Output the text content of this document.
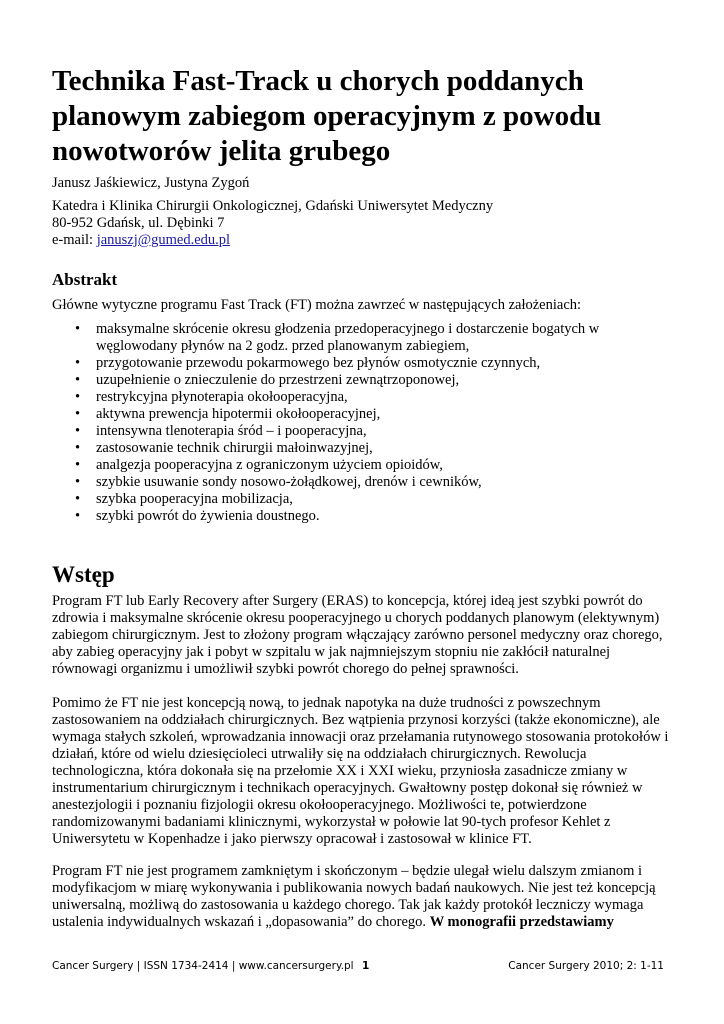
Technika Fast-Track u chorych poddanych planowym zabiegom operacyjnym z powodu nowotworów jelita grubego
Janusz Jaśkiewicz, Justyna Zygoń
Katedra i Klinika Chirurgii Onkologicznej, Gdański Uniwersytet Medyczny
80-952 Gdańsk, ul. Dębinki 7
e-mail: januszj@gumed.edu.pl
Abstrakt
Główne wytyczne programu Fast Track (FT) można zawrzeć w następujących założeniach:
• maksymalne skrócenie okresu głodzenia przedoperacyjnego i dostarczenie bogatych w węglowodany płynów na 2 godz. przed planowanym zabiegiem,
• przygotowanie przewodu pokarmowego bez płynów osmotycznie czynnych,
• uzupełnienie o znieczulenie do przestrzeni zewnątrzoponowej,
• restrykcyjna płynoterapia okołooperacyjna,
• aktywna prewencja hipotermii okołooperacyjnej,
• intensywna tlenoterapia śród – i pooperacyjna,
• zastosowanie technik chirurgii małoinwazyjnej,
• analgezja pooperacyjna z ograniczonym użyciem opioidów,
• szybkie usuwanie sondy nosowo-żołądkowej, drenów i cewników,
• szybka pooperacyjna mobilizacja,
• szybki powrót do żywienia doustnego.
Wstęp

Program FT lub Early Recovery after Surgery (ERAS) to koncepcja, której ideą jest szybki powrót do zdrowia i maksymalne skrócenie okresu pooperacyjnego u chorych poddanych planowym (elektywnym) zabiegom chirurgicznym. Jest to złożony program włączający zarówno personel medyczny oraz chorego, aby zabieg operacyjny jak i pobyt w szpitalu w jak najmniejszym stopniu nie zakłócił naturalnej równowagi organizmu i umożliwił szybki powrót chorego do pełnej sprawności.

Pomimo że FT nie jest koncepcją nową, to jednak napotyka na duże trudności z powszechnym zastosowaniem na oddziałach chirurgicznych. Bez wątpienia przynosi korzyści (także ekonomiczne), ale wymaga stałych szkoleń, wprowadzania innowacji oraz przełamania rutynowego stosowania protokołów i działań, które od wielu dziesięcioleci utrwaliły się na oddziałach chirurgicznych. Rewolucja technologiczna, która dokonała się na przełomie XX i XXI wieku, przyniosła zasadnicze zmiany w instrumentarium chirurgicznym i technikach operacyjnych. Gwałtowny postęp dokonał się również w anestezjologii i poznaniu fizjologii okresu okołooperacyjnego. Możliwości te, potwierdzone randomizowanymi badaniami klinicznymi, wykorzystał w połowie lat 90-tych profesor Kehlet z Uniwersytetu w Kopenhadze i jako pierwszy opracował i zastosował w klinice FT.

Program FT nie jest programem zamkniętym i skończonym – będzie ulegał wielu dalszym zmianom i modyfikacjom w miarę wykonywania i publikowania nowych badań naukowych. Nie jest też koncepcją uniwersalną, możliwą do zastosowania u każdego chorego. Tak jak każdy protokół leczniczy wymaga ustalenia indywidualnych wskazań i „dopasowania” do chorego. W monografii przedstawiamy

Cancer Surgery | ISSN 1734-2414 | www.cancersurgery.pl 1	Cancer Surgery 2010; 2: 1-11
